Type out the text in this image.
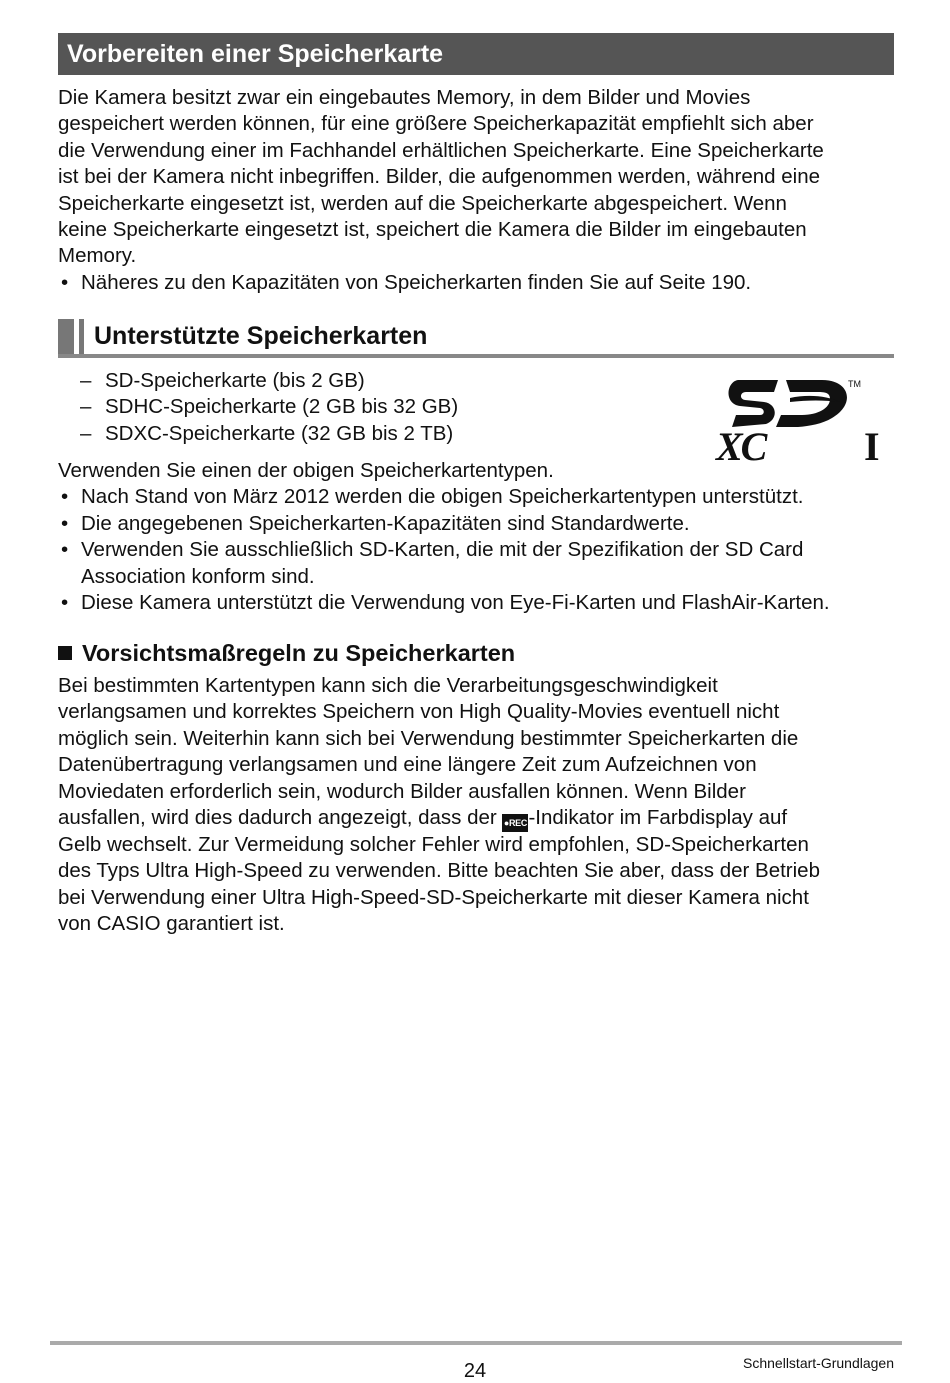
Vorbereiten einer Speicherkarte
Die Kamera besitzt zwar ein eingebautes Memory, in dem Bilder und Movies
gespeichert werden können, für eine größere Speicherkapazität empfiehlt sich aber
die Verwendung einer im Fachhandel erhältlichen Speicherkarte. Eine Speicherkarte
ist bei der Kamera nicht inbegriffen. Bilder, die aufgenommen werden, während eine
Speicherkarte eingesetzt ist, werden auf die Speicherkarte abgespeichert. Wenn
keine Speicherkarte eingesetzt ist, speichert die Kamera die Bilder im eingebauten
Memory.
• Näheres zu den Kapazitäten von Speicherkarten finden Sie auf Seite 190.
Unterstützte Speicherkarten
– SD-Speicherkarte (bis 2 GB)
– SDHC-Speicherkarte (2 GB bis 32 GB)
– SDXC-Speicherkarte (32 GB bis 2 TB)
TM
XC I
Verwenden Sie einen der obigen Speicherkartentypen.
• Nach Stand von März 2012 werden die obigen Speicherkartentypen unterstützt.
• Die angegebenen Speicherkarten-Kapazitäten sind Standardwerte.
• Verwenden Sie ausschließlich SD-Karten, die mit der Spezifikation der SD Card
Association konform sind.
• Diese Kamera unterstützt die Verwendung von Eye-Fi-Karten und FlashAir-Karten.
Vorsichtsmaßregeln zu Speicherkarten
Bei bestimmten Kartentypen kann sich die Verarbeitungsgeschwindigkeit
verlangsamen und korrektes Speichern von High Quality-Movies eventuell nicht
möglich sein. Weiterhin kann sich bei Verwendung bestimmter Speicherkarten die
Datenübertragung verlangsamen und eine längere Zeit zum Aufzeichnen von
Moviedaten erforderlich sein, wodurch Bilder ausfallen können. Wenn Bilder
ausfallen, wird dies dadurch angezeigt, dass der ●REC-Indikator im Farbdisplay auf
Gelb wechselt. Zur Vermeidung solcher Fehler wird empfohlen, SD-Speicherkarten
des Typs Ultra High-Speed zu verwenden. Bitte beachten Sie aber, dass der Betrieb
bei Verwendung einer Ultra High-Speed-SD-Speicherkarte mit dieser Kamera nicht
von CASIO garantiert ist.
24	Schnellstart-Grundlagen
